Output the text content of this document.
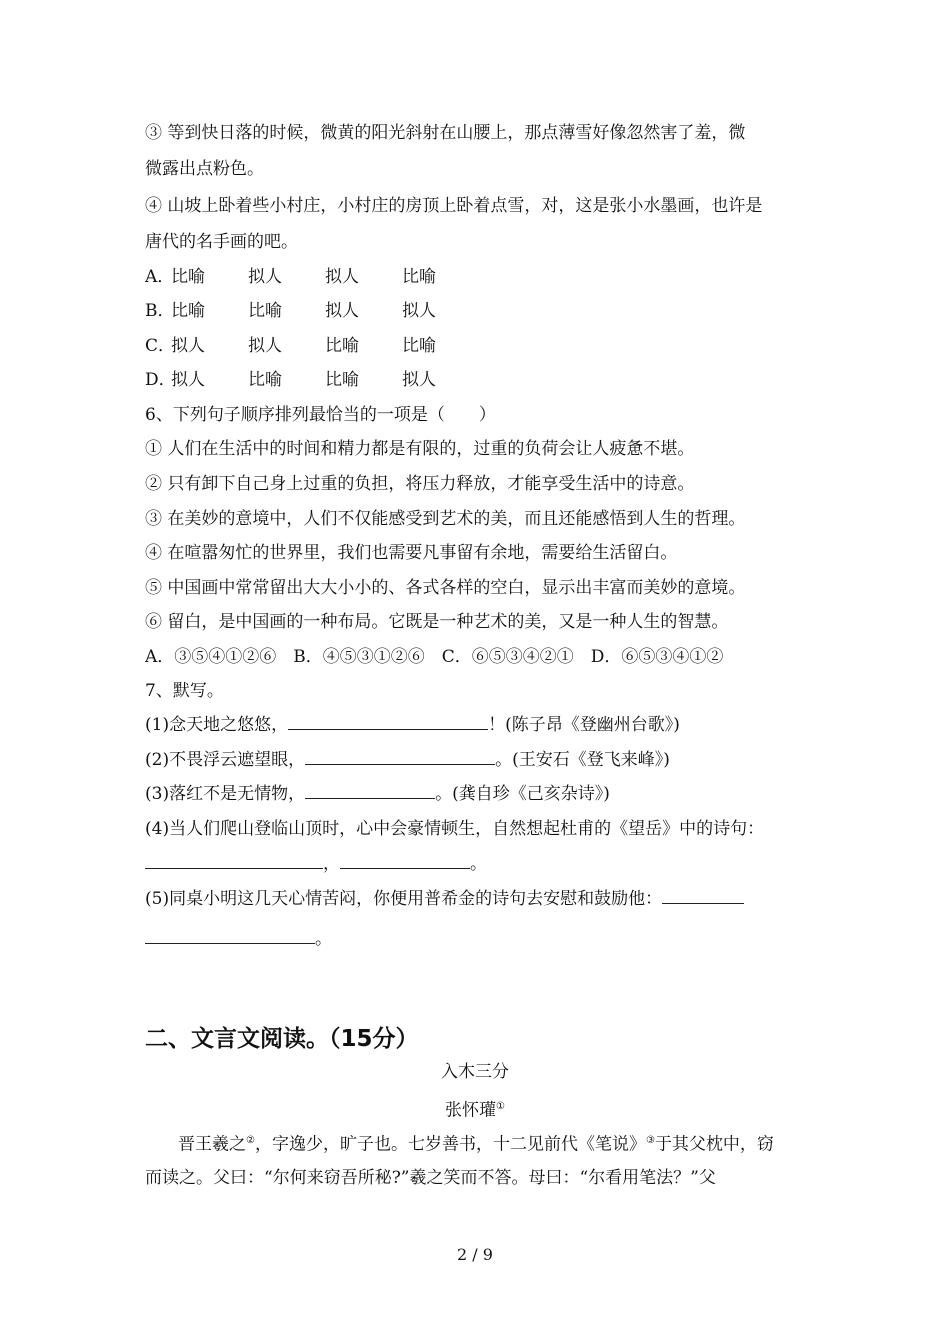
③ 等到快日落的时候，微黄的阳光斜射在山腰上，那点薄雪好像忽然害了羞，微
微露出点粉色。
④ 山坡上卧着些小村庄，小村庄的房顶上卧着点雪，对，这是张小水墨画，也许是
唐代的名手画的吧。
A．比喻	拟人	拟人	比喻
B．比喻	比喻	拟人	拟人
C．拟人	拟人	比喻	比喻
D．拟人	比喻	比喻	拟人
6、下列句子顺序排列最恰当的一项是（　　）
① 人们在生活中的时间和精力都是有限的，过重的负荷会让人疲惫不堪。
② 只有卸下自己身上过重的负担，将压力释放，才能享受生活中的诗意。
③ 在美妙的意境中，人们不仅能感受到艺术的美，而且还能感悟到人生的哲理。
④ 在喧嚣匆忙的世界里，我们也需要凡事留有余地，需要给生活留白。
⑤ 中国画中常常留出大大小小的、各式各样的空白，显示出丰富而美妙的意境。
⑥ 留白，是中国画的一种布局。它既是一种艺术的美，又是一种人生的智慧。
A．③⑤④①②⑥　B．④⑤③①②⑥　C．⑥⑤③④②①　D．⑥⑤③④①②
7、默写。
(1)念天地之悠悠，	！(陈子昂《登幽州台歌》)
(2)不畏浮云遮望眼，	。(王安石《登飞来峰》)
(3)落红不是无情物，	。(龚自珍《己亥杂诗》)
(4)当人们爬山登临山顶时，心中会豪情顿生，自然想起杜甫的《望岳》中的诗句：
，	。
(5)同桌小明这几天心情苦闷，你便用普希金的诗句去安慰和鼓励他：
。
二、文言文阅读。（15分）
入木三分
张怀瓘①
晋王羲之②，字逸少，旷子也。七岁善书，十二见前代《笔说》③于其父枕中，窃
而读之。父曰：“尔何来窃吾所秘?”羲之笑而不答。母曰：“尔看用笔法？”父
2 / 9
